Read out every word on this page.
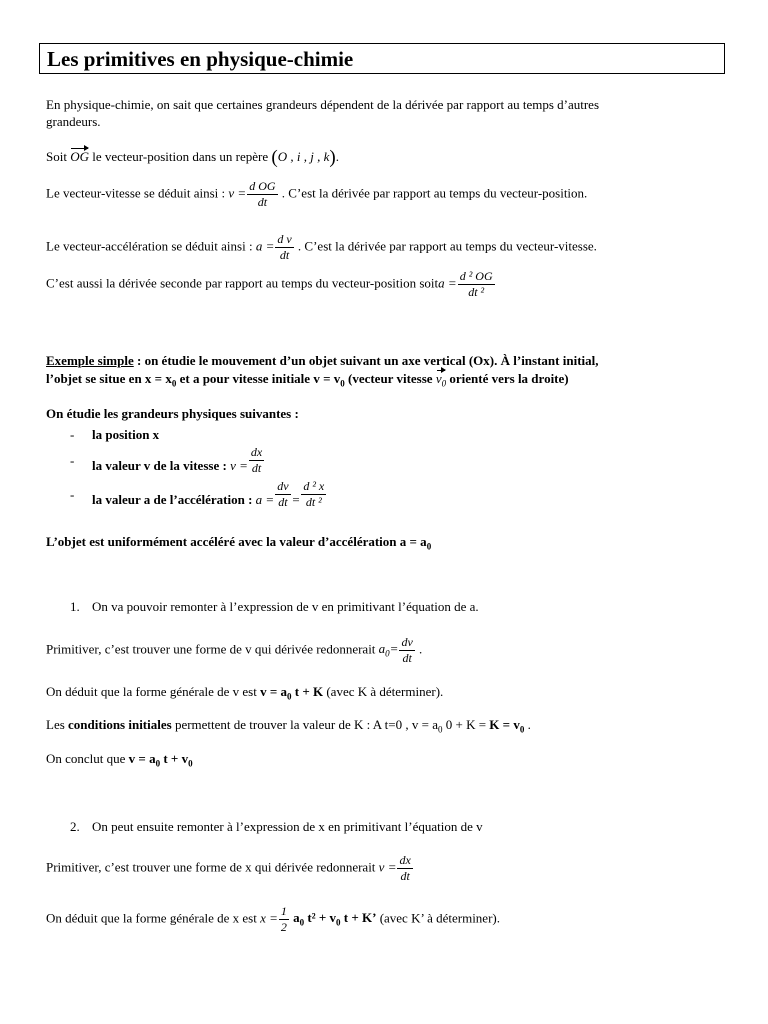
Les primitives en physique-chimie
En physique-chimie, on sait que certaines grandeurs dépendent de la dérivée par rapport au temps d’autres
grandeurs.
Soit OG le vecteur-position dans un repère (O , i , j , k).
Le vecteur-vitesse se déduit ainsi : $v = \frac{\text{d OG}}{dt}$ . C’est la dérivée par rapport au temps du vecteur-position.
Le vecteur-accélération se déduit ainsi : $a = \frac{\text{d v}}{dt}$ . C’est la dérivée par rapport au temps du vecteur-vitesse.
C’est aussi la dérivée seconde par rapport au temps du vecteur-position soita = $\frac{\text{d ² OG}}{\text{dt ²}}$
Exemple simple : on étudie le mouvement d’un objet suivant un axe vertical (Ox). À l’instant initial,
l’objet se situe en $x = x_0$ et a pour vitesse initiale $v = v_0$ (vecteur vitesse $v_0$ orienté vers la droite)
On étudie les grandeurs physiques suivantes :
- la position x
- la valeur v de la vitesse : $v = \frac{dx}{dt}$
- la valeur a de l’accélération : $a = \frac{dv}{dt} = \frac{\text{d ² x}}{\text{dt ²}}$
L’objet est uniformément accéléré avec la valeur d’accélération $a = a_0$
1. On va pouvoir remonter à l’expression de v en primitivant l’équation de a.
Primitiver, c’est trouver une forme de v qui dérivée redonnerait $a_0= \frac{dv}{dt}$ .
On déduit que la forme générale de v est $v = a_0$ t + K (avec K à déterminer).
Les conditions initiales permettent de trouver la valeur de K : A t=0 , $v = a_0$ $0 + K = K = v_0$ .
On conclut que $v = a_0$ $t + v_0$
2. On peut ensuite remonter à l’expression de x en primitivant l’équation de v
Primitiver, c’est trouver une forme de x qui dérivée redonnerait $v = \frac{dx}{dt}$
On déduit que la forme générale de x est $x = \frac{1}{2} a_0$ $t^2 + v_0$ t + K’ (avec K’ à déterminer).
